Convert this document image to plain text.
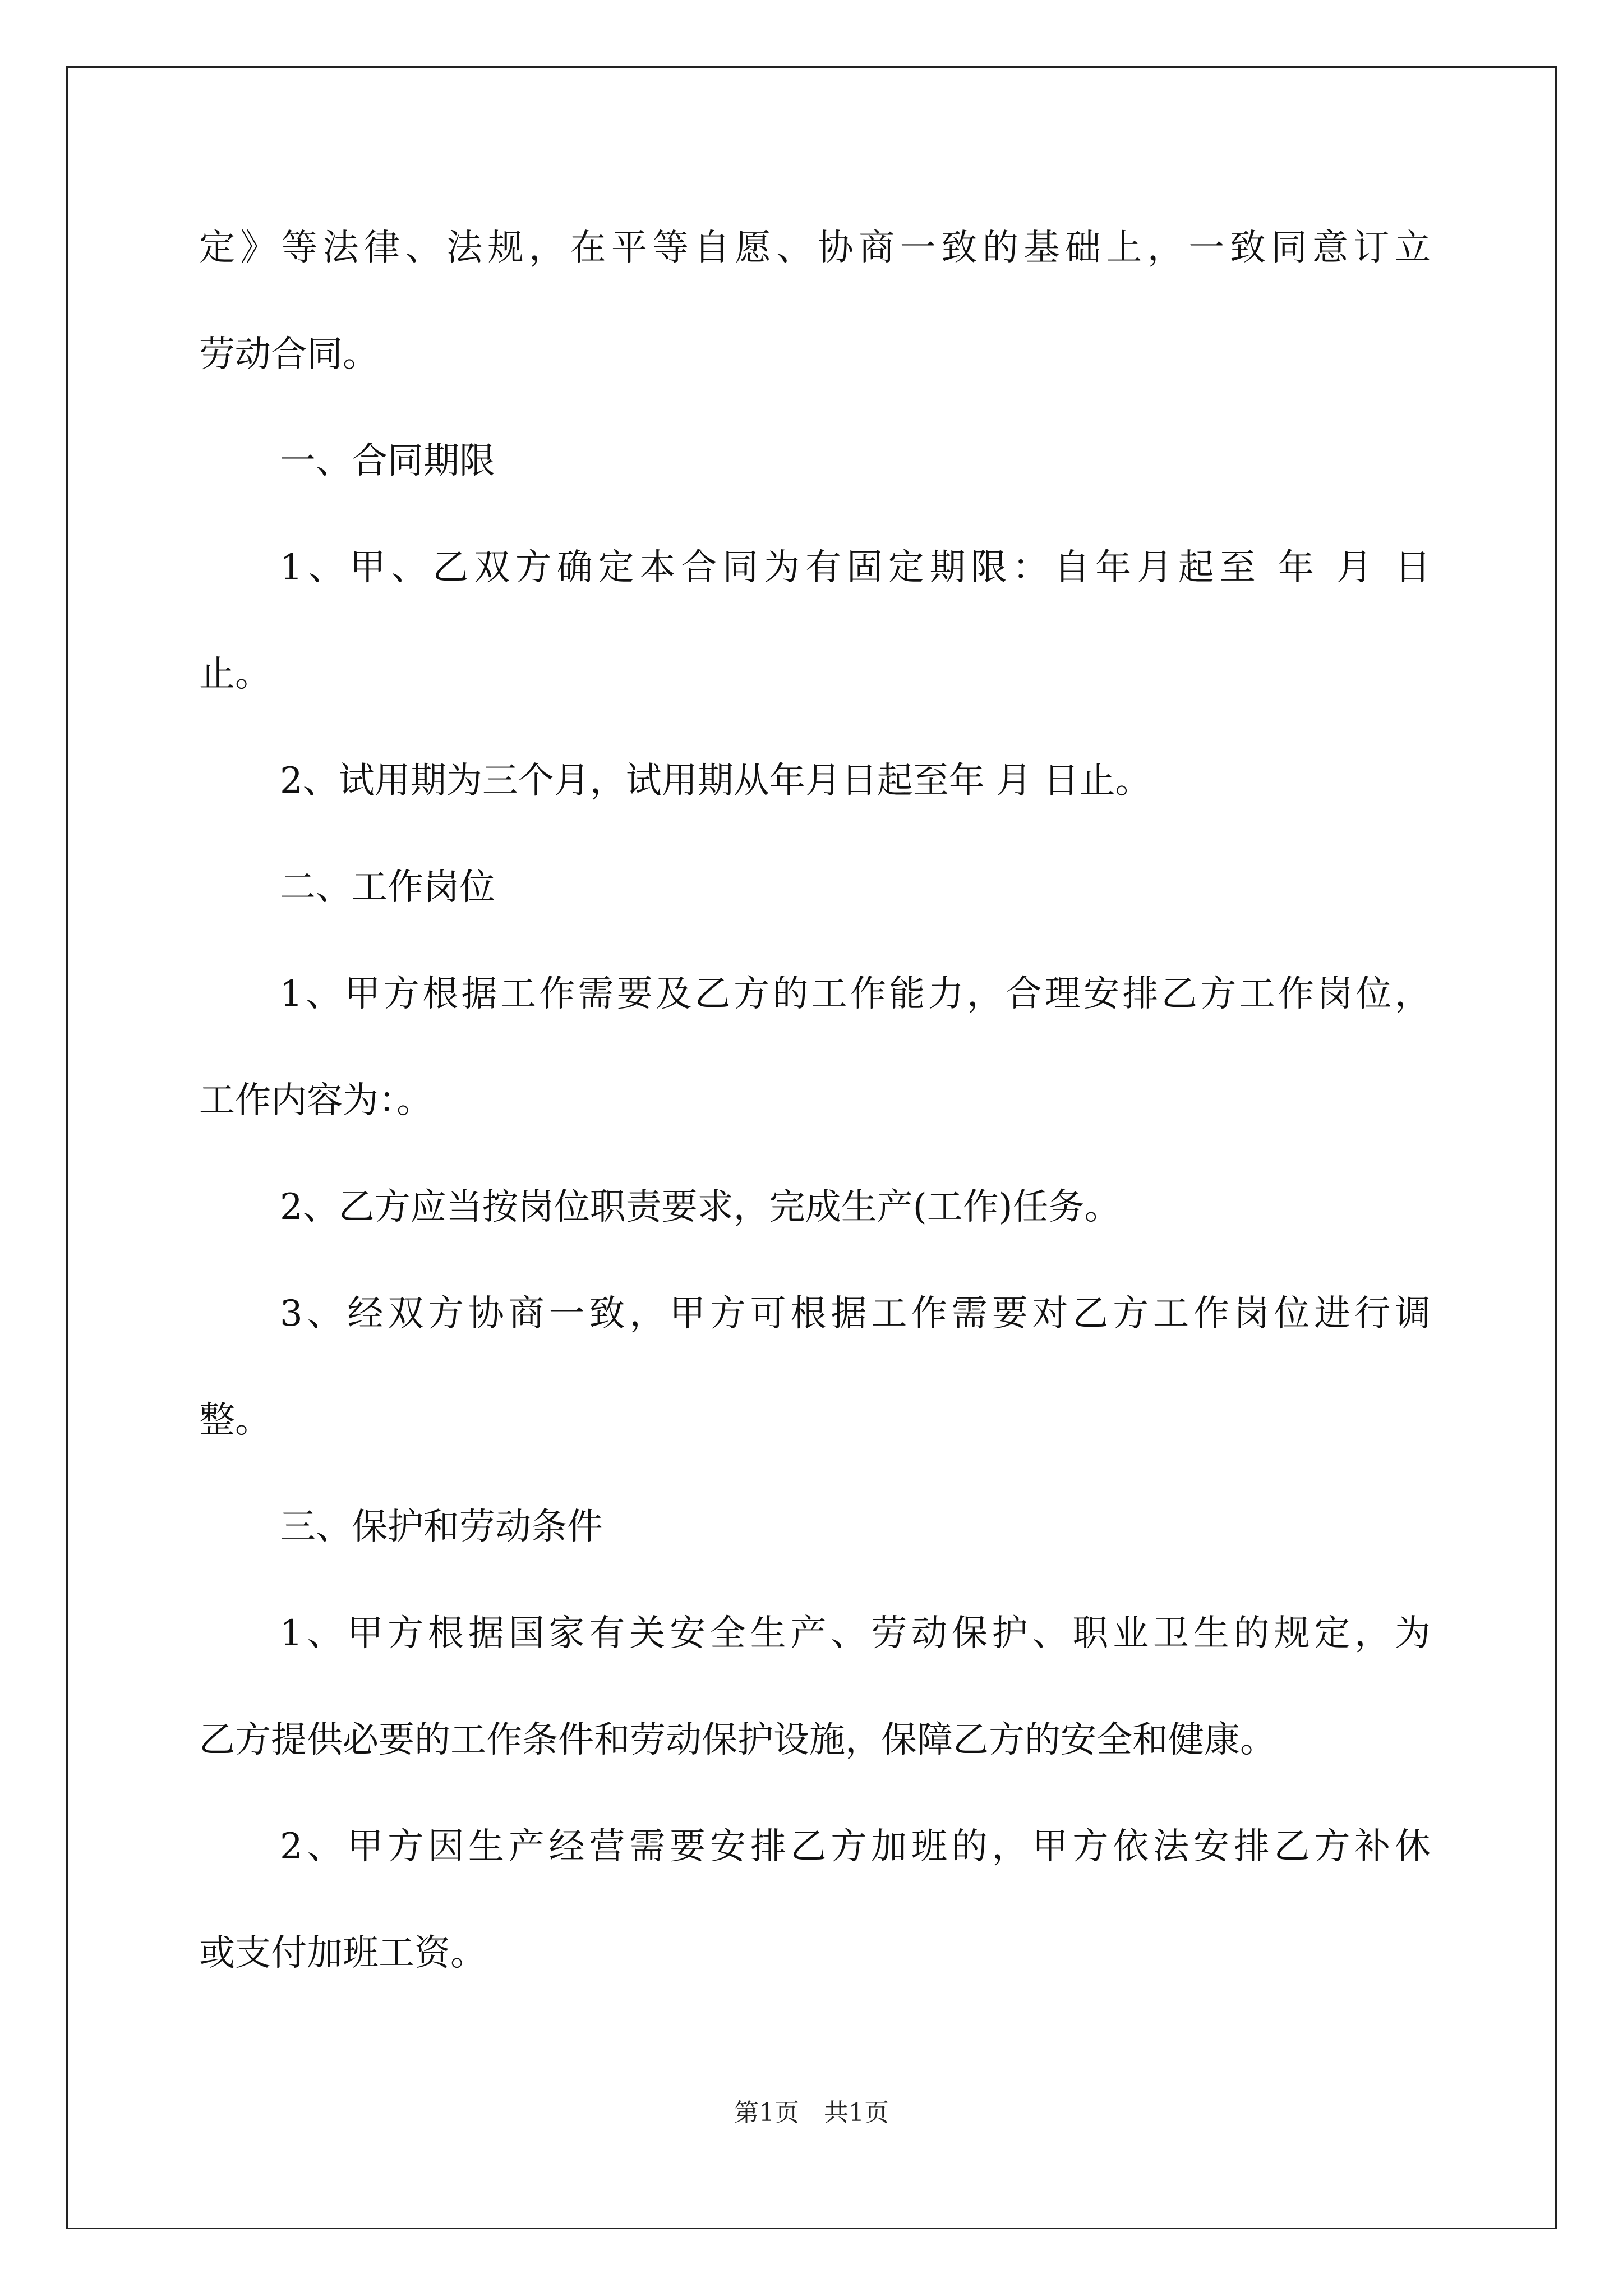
定》等法律、法规，在平等自愿、协商一致的基础上，一致同意订立
劳动合同。
一、合同期限
1、甲、乙双方确定本合同为有固定期限：自年月起至 年 月 日
止。
2、试用期为三个月，试用期从年月日起至年 月 日止。
二、工作岗位
1、甲方根据工作需要及乙方的工作能力，合理安排乙方工作岗位，
工作内容为：。
2、乙方应当按岗位职责要求，完成生产(工作)任务。
3、经双方协商一致，甲方可根据工作需要对乙方工作岗位进行调
整。
三、保护和劳动条件
1、甲方根据国家有关安全生产、劳动保护、职业卫生的规定，为
乙方提供必要的工作条件和劳动保护设施，保障乙方的安全和健康。
2、甲方因生产经营需要安排乙方加班的，甲方依法安排乙方补休
或支付加班工资。
第1页　共1页
